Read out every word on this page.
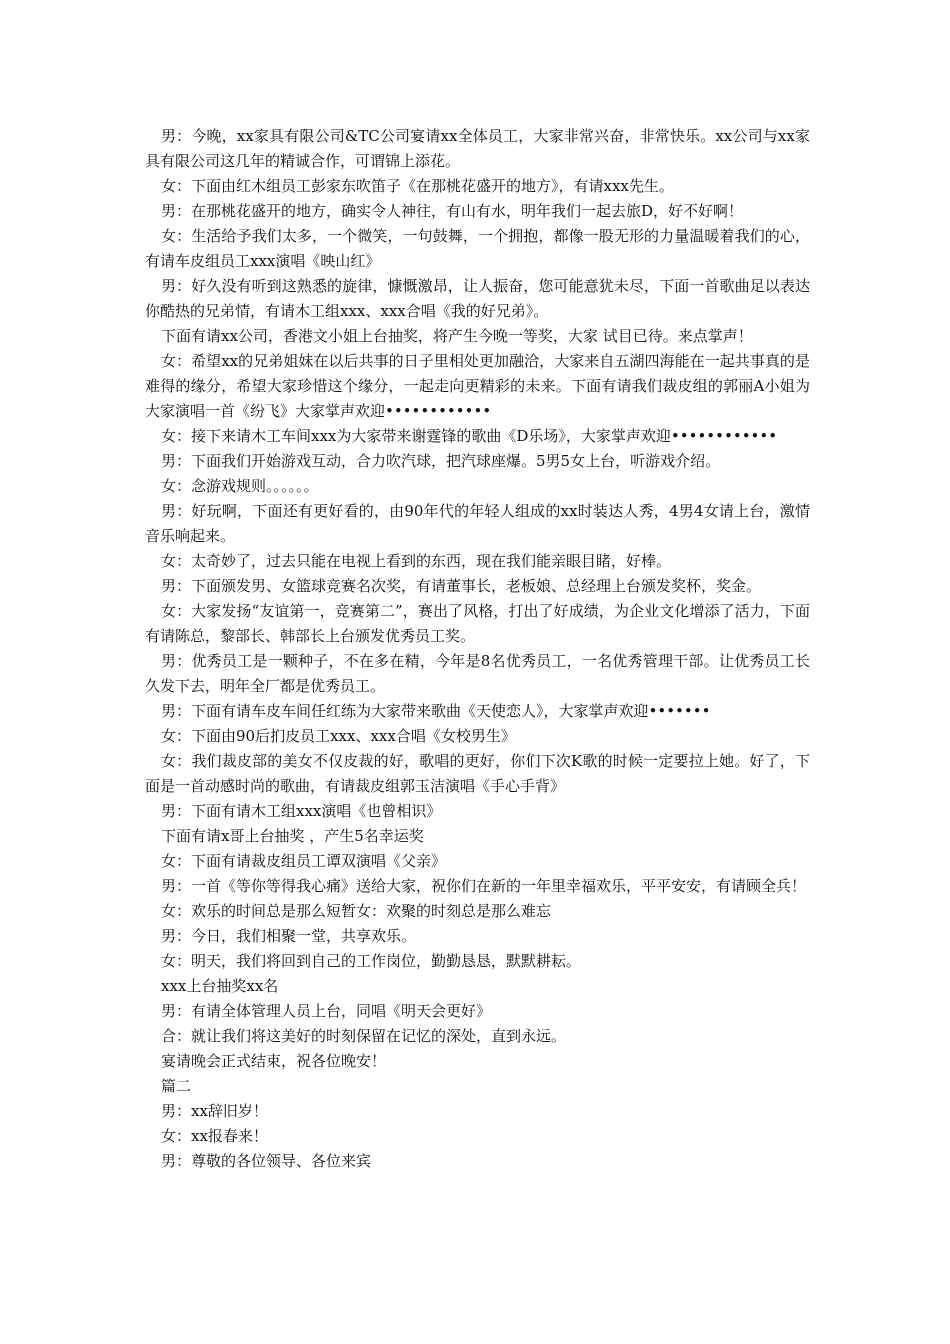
男：今晚，xx家具有限公司&TC公司宴请xx全体员工，大家非常兴奋，非常快乐。xx公司与xx家具有限公司这几年的精诚合作，可谓锦上添花。

女：下面由红木组员工彭家东吹笛子《在那桃花盛开的地方》，有请xxx先生。

男：在那桃花盛开的地方，确实令人神往，有山有水，明年我们一起去旅D，好不好啊！

女：生活给予我们太多，一个微笑，一句鼓舞，一个拥抱，都像一股无形的力量温暖着我们的心，有请车皮组员工xxx演唱《映山红》

男：好久没有听到这熟悉的旋律，慷慨激昂，让人振奋，您可能意犹未尽，下面一首歌曲足以表达你酷热的兄弟情，有请木工组xxx、xxx合唱《我的好兄弟》。

下面有请xx公司，香港文小姐上台抽奖，将产生今晚一等奖，大家 试目已待。来点掌声！

女：希望xx的兄弟姐妹在以后共事的日子里相处更加融洽，大家来自五湖四海能在一起共事真的是难得的缘分，希望大家珍惜这个缘分，一起走向更精彩的未来。下面有请我们裁皮组的郭丽A小姐为大家演唱一首《纷飞》大家掌声欢迎••••••••••••

女：接下来请木工车间xxx为大家带来谢霆锋的歌曲《D乐场》，大家掌声欢迎••••••••••••

男：下面我们开始游戏互动，合力吹汽球，把汽球座爆。5男5女上台，听游戏介绍。

女：念游戏规则。。。。。。

男：好玩啊，下面还有更好看的，由90年代的年轻人组成的xx时装达人秀，4男4女请上台，激情音乐响起来。

女：太奇妙了，过去只能在电视上看到的东西，现在我们能亲眼目睹，好棒。

男：下面颁发男、女篮球竞赛名次奖，有请董事长，老板娘、总经理上台颁发奖杯，奖金。

女：大家发扬“友谊第一，竞赛第二”，赛出了风格，打出了好成绩，为企业文化增添了活力，下面有请陈总，黎部长、韩部长上台颁发优秀员工奖。

男：优秀员工是一颗种子，不在多在精，今年是8名优秀员工，一名优秀管理干部。让优秀员工长久发下去，明年全厂都是优秀员工。

男：下面有请车皮车间任红练为大家带来歌曲《天使恋人》，大家掌声欢迎•••••••

女：下面由90后扪皮员工xxx、xxx合唱《女校男生》

女：我们裁皮部的美女不仅皮裁的好，歌唱的更好，你们下次K歌的时候一定要拉上她。好了，下面是一首动感时尚的歌曲，有请裁皮组郭玉洁演唱《手心手背》

男：下面有请木工组xxx演唱《也曾相识》

下面有请x哥上台抽奖 ，产生5名幸运奖

女：下面有请裁皮组员工谭双演唱《父亲》

男：一首《等你等得我心痛》送给大家，祝你们在新的一年里幸福欢乐，平平安安，有请顾全兵！

女：欢乐的时间总是那么短暂女：欢聚的时刻总是那么难忘

男：今日，我们相聚一堂，共享欢乐。

女：明天，我们将回到自己的工作岗位，勤勤恳恳，默默耕耘。

xxx上台抽奖xx名

男：有请全体管理人员上台，同唱《明天会更好》

合：就让我们将这美好的时刻保留在记忆的深处，直到永远。

宴请晚会正式结束，祝各位晚安！

篇二

男：xx辞旧岁！

女：xx报春来！

男：尊敬的各位领导、各位来宾
